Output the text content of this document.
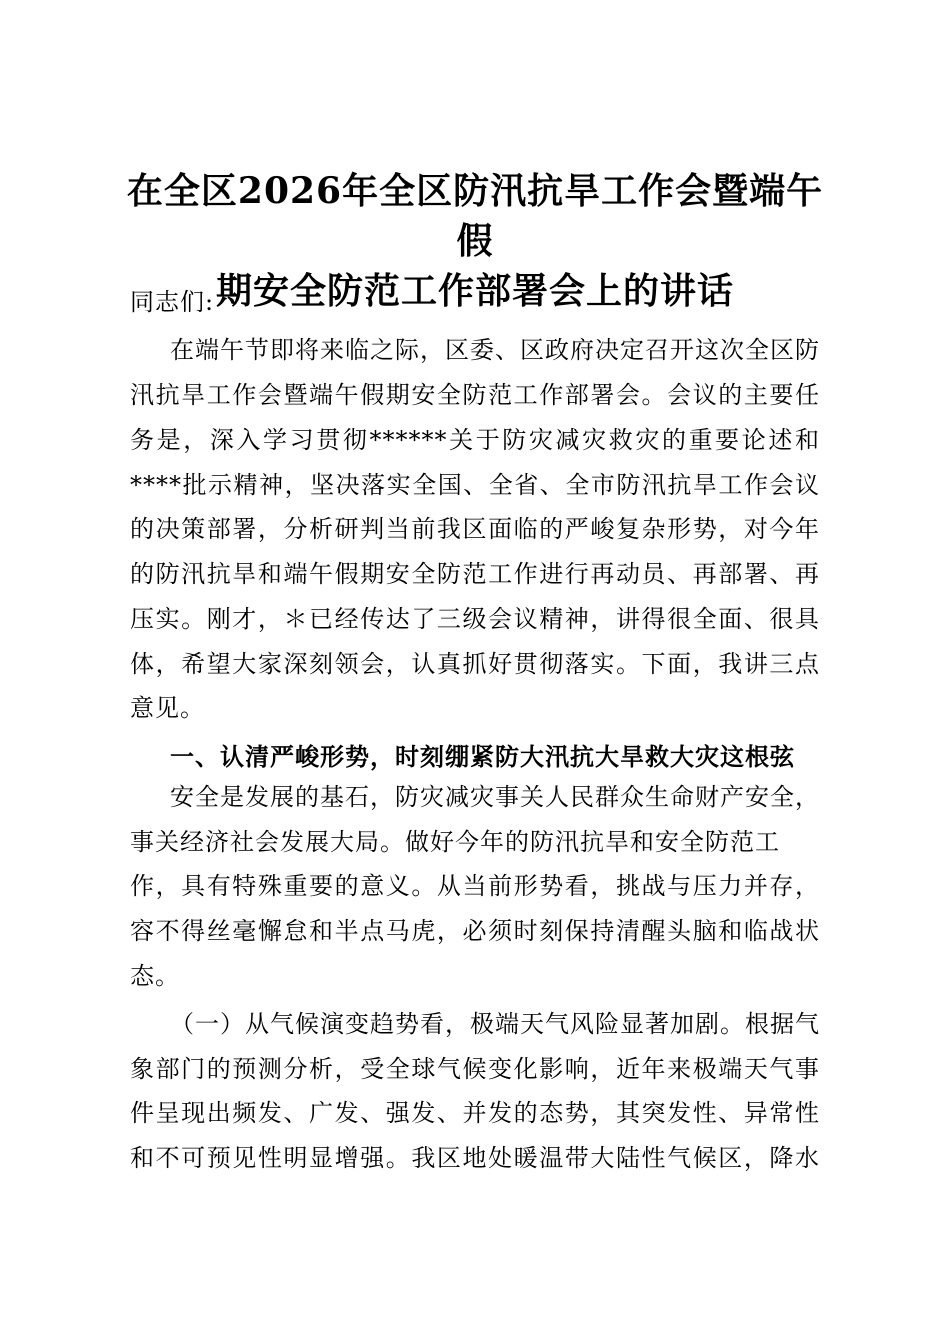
在全区2026年全区防汛抗旱工作会暨端午假
期安全防范工作部署会上的讲话
同志们:
在端午节即将来临之际，区委、区政府决定召开这次全区防
汛抗旱工作会暨端午假期安全防范工作部署会。会议的主要任
务是，深入学习贯彻******关于防灾减灾救灾的重要论述和
****批示精神，坚决落实全国、全省、全市防汛抗旱工作会议
的决策部署，分析研判当前我区面临的严峻复杂形势，对今年
的防汛抗旱和端午假期安全防范工作进行再动员、再部署、再
压实。刚才，＊已经传达了三级会议精神，讲得很全面、很具
体，希望大家深刻领会，认真抓好贯彻落实。下面，我讲三点
意见。
一、认清严峻形势，时刻绷紧防大汛抗大旱救大灾这根弦
安全是发展的基石，防灾减灾事关人民群众生命财产安全，
事关经济社会发展大局。做好今年的防汛抗旱和安全防范工
作，具有特殊重要的意义。从当前形势看，挑战与压力并存，
容不得丝毫懈怠和半点马虎，必须时刻保持清醒头脑和临战状
态。
（一）从气候演变趋势看，极端天气风险显著加剧。根据气
象部门的预测分析，受全球气候变化影响，近年来极端天气事
件呈现出频发、广发、强发、并发的态势，其突发性、异常性
和不可预见性明显增强。我区地处暖温带大陆性气候区，降水
